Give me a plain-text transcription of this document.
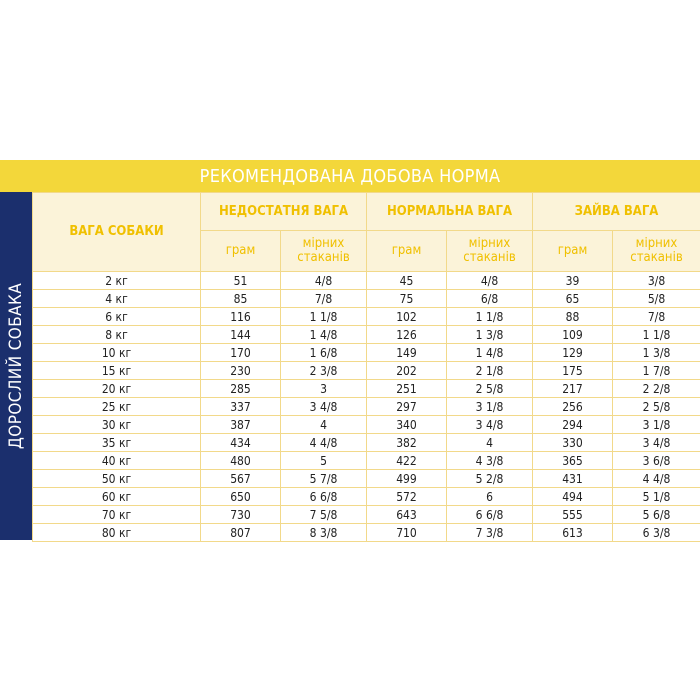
РЕКОМЕНДОВАНА ДОБОВА НОРМА
ДОРОСЛИЙ СОБАКА
ВАГА СОБАКИ	НЕДОСТАТНЯ ВАГА		НОРМАЛЬНА ВАГА		ЗАЙВА ВАГА	
	грам	мірних стаканів	грам	мірних стаканів	грам	мірних стаканів
2 кг	51	4/8	45	4/8	39	3/8
4 кг	85	7/8	75	6/8	65	5/8
6 кг	116	1 1/8	102	1 1/8	88	7/8
8 кг	144	1 4/8	126	1 3/8	109	1 1/8
10 кг	170	1 6/8	149	1 4/8	129	1 3/8
15 кг	230	2 3/8	202	2 1/8	175	1 7/8
20 кг	285	3	251	2 5/8	217	2 2/8
25 кг	337	3 4/8	297	3 1/8	256	2 5/8
30 кг	387	4	340	3 4/8	294	3 1/8
35 кг	434	4 4/8	382	4	330	3 4/8
40 кг	480	5	422	4 3/8	365	3 6/8
50 кг	567	5 7/8	499	5 2/8	431	4 4/8
60 кг	650	6 6/8	572	6	494	5 1/8
70 кг	730	7 5/8	643	6 6/8	555	5 6/8
80 кг	807	8 3/8	710	7 3/8	613	6 3/8
